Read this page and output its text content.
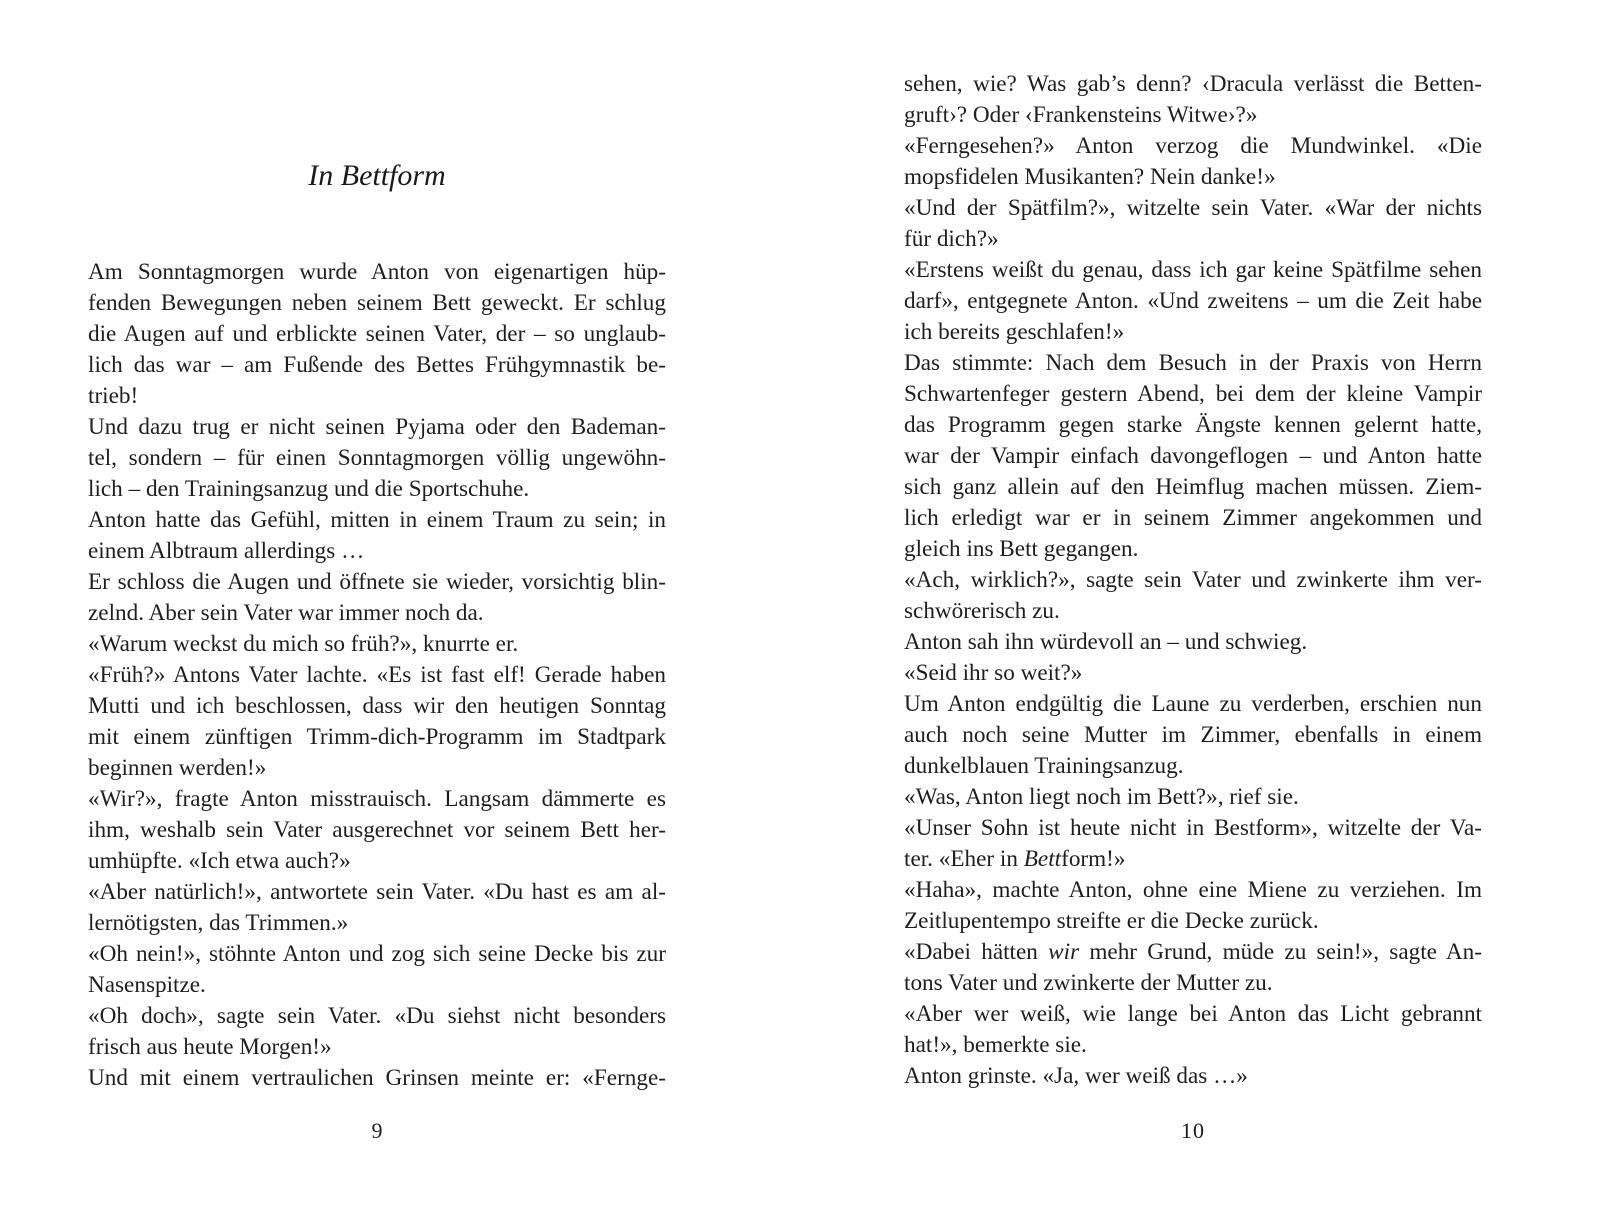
In Bettform
Am Sonntagmorgen wurde Anton von eigenartigen hüp-
fenden Bewegungen neben seinem Bett geweckt. Er schlug
die Augen auf und erblickte seinen Vater, der – so unglaub-
lich das war – am Fußende des Bettes Frühgymnastik be-
trieb!
Und dazu trug er nicht seinen Pyjama oder den Bademan-
tel, sondern – für einen Sonntagmorgen völlig ungewöhn-
lich – den Trainingsanzug und die Sportschuhe.
Anton hatte das Gefühl, mitten in einem Traum zu sein; in
einem Albtraum allerdings …
Er schloss die Augen und öffnete sie wieder, vorsichtig blin-
zelnd. Aber sein Vater war immer noch da.
«Warum weckst du mich so früh?», knurrte er.
«Früh?» Antons Vater lachte. «Es ist fast elf! Gerade haben
Mutti und ich beschlossen, dass wir den heutigen Sonntag
mit einem zünftigen Trimm-dich-Programm im Stadtpark
beginnen werden!»
«Wir?», fragte Anton misstrauisch. Langsam dämmerte es
ihm, weshalb sein Vater ausgerechnet vor seinem Bett her-
umhüpfte. «Ich etwa auch?»
«Aber natürlich!», antwortete sein Vater. «Du hast es am al-
lernötigsten, das Trimmen.»
«Oh nein!», stöhnte Anton und zog sich seine Decke bis zur
Nasenspitze.
«Oh doch», sagte sein Vater. «Du siehst nicht besonders
frisch aus heute Morgen!»
Und mit einem vertraulichen Grinsen meinte er: «Fernge-
9
sehen, wie? Was gab’s denn? ‹Dracula verlässt die Betten-
gruft›? Oder ‹Frankensteins Witwe›?»
«Ferngesehen?» Anton verzog die Mundwinkel. «Die
mopsfidelen Musikanten? Nein danke!»
«Und der Spätfilm?», witzelte sein Vater. «War der nichts
für dich?»
«Erstens weißt du genau, dass ich gar keine Spätfilme sehen
darf», entgegnete Anton. «Und zweitens – um die Zeit habe
ich bereits geschlafen!»
Das stimmte: Nach dem Besuch in der Praxis von Herrn
Schwartenfeger gestern Abend, bei dem der kleine Vampir
das Programm gegen starke Ängste kennen gelernt hatte,
war der Vampir einfach davongeflogen – und Anton hatte
sich ganz allein auf den Heimflug machen müssen. Ziem-
lich erledigt war er in seinem Zimmer angekommen und
gleich ins Bett gegangen.
«Ach, wirklich?», sagte sein Vater und zwinkerte ihm ver-
schwörerisch zu.
Anton sah ihn würdevoll an – und schwieg.
«Seid ihr so weit?»
Um Anton endgültig die Laune zu verderben, erschien nun
auch noch seine Mutter im Zimmer, ebenfalls in einem
dunkelblauen Trainingsanzug.
«Was, Anton liegt noch im Bett?», rief sie.
«Unser Sohn ist heute nicht in Bestform», witzelte der Va-
ter. «Eher in Bettform!»
«Haha», machte Anton, ohne eine Miene zu verziehen. Im
Zeitlupentempo streifte er die Decke zurück.
«Dabei hätten wir mehr Grund, müde zu sein!», sagte An-
tons Vater und zwinkerte der Mutter zu.
«Aber wer weiß, wie lange bei Anton das Licht gebrannt
hat!», bemerkte sie.
Anton grinste. «Ja, wer weiß das …»
10
